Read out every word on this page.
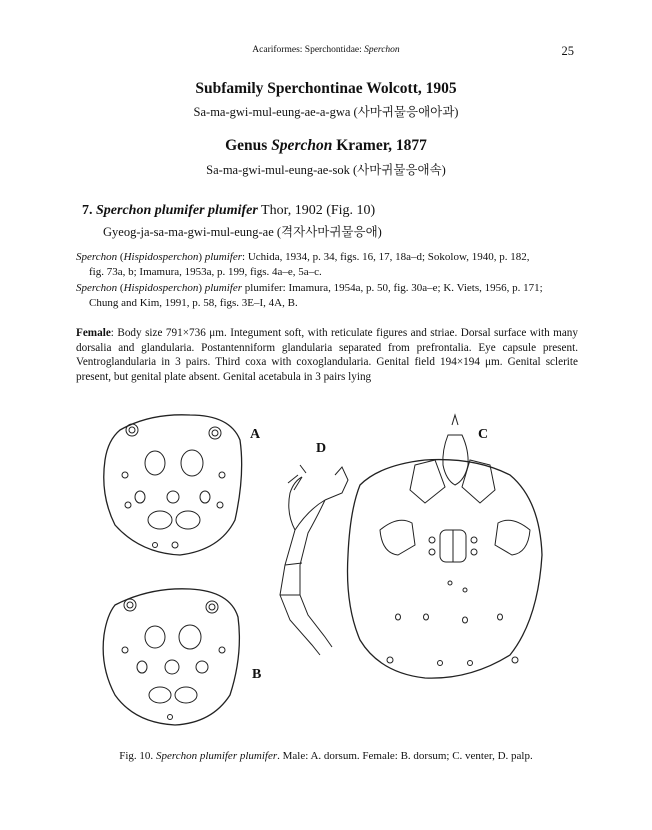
Acariformes: Sperchontidae: Sperchon	25
Subfamily Sperchontinae Wolcott, 1905
Sa-ma-gwi-mul-eung-ae-a-gwa (사마귀물응애아과)
Genus Sperchon Kramer, 1877
Sa-ma-gwi-mul-eung-ae-sok (사마귀물응애속)
7. Sperchon plumifer plumifer Thor, 1902 (Fig. 10)
Gyeog-ja-sa-ma-gwi-mul-eung-ae (격자사마귀물응애)
Sperchon (Hispidosperchon) plumifer: Uchida, 1934, p. 34, figs. 16, 17, 18a–d; Sokolow, 1940, p. 182,
fig. 73a, b; Imamura, 1953a, p. 199, figs. 4a–e, 5a–c.
Sperchon (Hispidosperchon) plumifer plumifer: Imamura, 1954a, p. 50, fig. 30a–e; K. Viets, 1956, p. 171;
Chung and Kim, 1991, p. 58, figs. 3E–I, 4A, B.
Female: Body size 791×736 μm. Integument soft, with reticulate figures and striae. Dorsal surface with many dorsalia and glandularia. Postantenniform glandularia separated from prefrontalia. Eye capsule present. Ventroglandularia in 3 pairs. Third coxa with coxoglandularia. Genital field 194×194 μm. Genital sclerite present, but genital plate absent. Genital acetabula in 3 pairs lying
A
B
C
D
Fig. 10. Sperchon plumifer plumifer. Male: A. dorsum. Female: B. dorsum; C. venter, D. palp.
